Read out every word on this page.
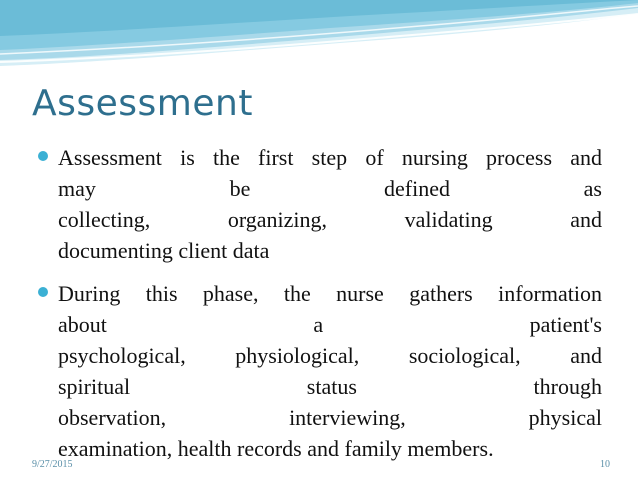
Assessment
Assessment is the first step of nursing process and
may be defined as
collecting, organizing, validating and
documenting client data
During this phase, the nurse gathers information
about a patient's
psychological, physiological, sociological, and
spiritual status through
observation, interviewing, physical
examination, health records and family members.
9/27/2015	10
